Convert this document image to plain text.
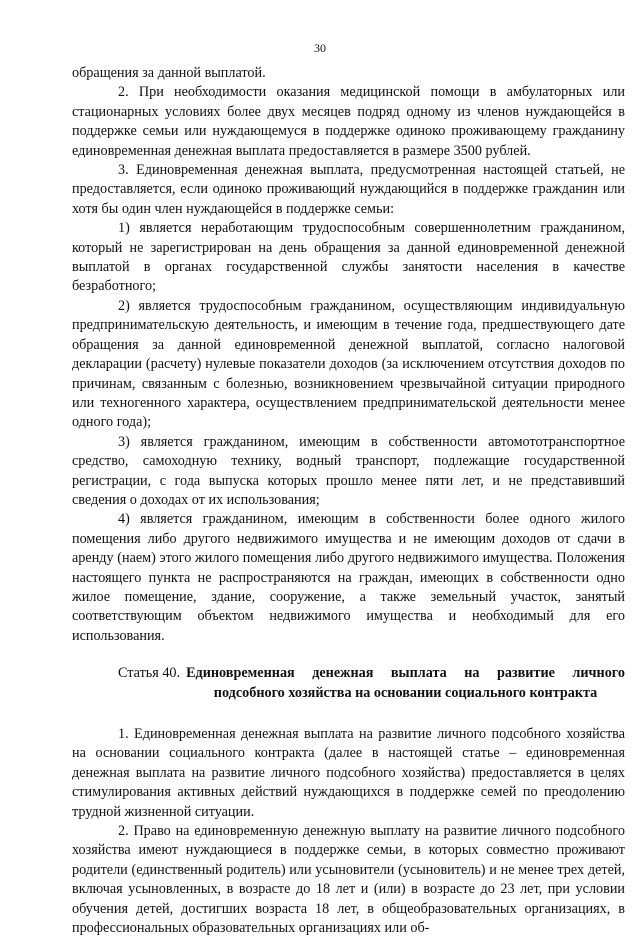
30

обращения за данной выплатой.

2. При необходимости оказания медицинской помощи в амбулаторных или стационарных условиях более двух месяцев подряд одному из членов нуждающейся в поддержке семьи или нуждающемуся в поддержке одиноко проживающему гражданину единовременная денежная выплата предоставляется в размере 3500 рублей.

3. Единовременная денежная выплата, предусмотренная настоящей статьей, не предоставляется, если одиноко проживающий нуждающийся в поддержке гражданин или хотя бы один член нуждающейся в поддержке семьи:

1) является неработающим трудоспособным совершеннолетним гражданином, который не зарегистрирован на день обращения за данной единовременной денежной выплатой в органах государственной службы занятости населения в качестве безработного;

2) является трудоспособным гражданином, осуществляющим индивидуальную предпринимательскую деятельность, и имеющим в течение года, предшествующего дате обращения за данной единовременной денежной выплатой, согласно налоговой декларации (расчету) нулевые показатели доходов (за исключением отсутствия доходов по причинам, связанным с болезнью, возникновением чрезвычайной ситуации природного или техногенного характера, осуществлением предпринимательской деятельности менее одного года);

3) является гражданином, имеющим в собственности автомототранспортное средство, самоходную технику, водный транспорт, подлежащие государственной регистрации, с года выпуска которых прошло менее пяти лет, и не представивший сведения о доходах от их использования;

4) является гражданином, имеющим в собственности более одного жилого помещения либо другого недвижимого имущества и не имеющим доходов от сдачи в аренду (наем) этого жилого помещения либо другого недвижимого имущества. Положения настоящего пункта не распространяются на граждан, имеющих в собственности одно жилое помещение, здание, сооружение, а также земельный участок, занятый соответствующим объектом недвижимого имущества и необходимый для его использования.

Статья 40. Единовременная денежная выплата на развитие личного подсобного хозяйства на основании социального контракта

1. Единовременная денежная выплата на развитие личного подсобного хозяйства на основании социального контракта (далее в настоящей статье – единовременная денежная выплата на развитие личного подсобного хозяйства) предоставляется в целях стимулирования активных действий нуждающихся в поддержке семей по преодолению трудной жизненной ситуации.

2. Право на единовременную денежную выплату на развитие личного подсобного хозяйства имеют нуждающиеся в поддержке семьи, в которых совместно проживают родители (единственный родитель) или усыновители (усыновитель) и не менее трех детей, включая усыновленных, в возрасте до 18 лет и (или) в возрасте до 23 лет, при условии обучения детей, достигших возраста 18 лет, в общеобразовательных организациях, в профессиональных образовательных организациях или об-
